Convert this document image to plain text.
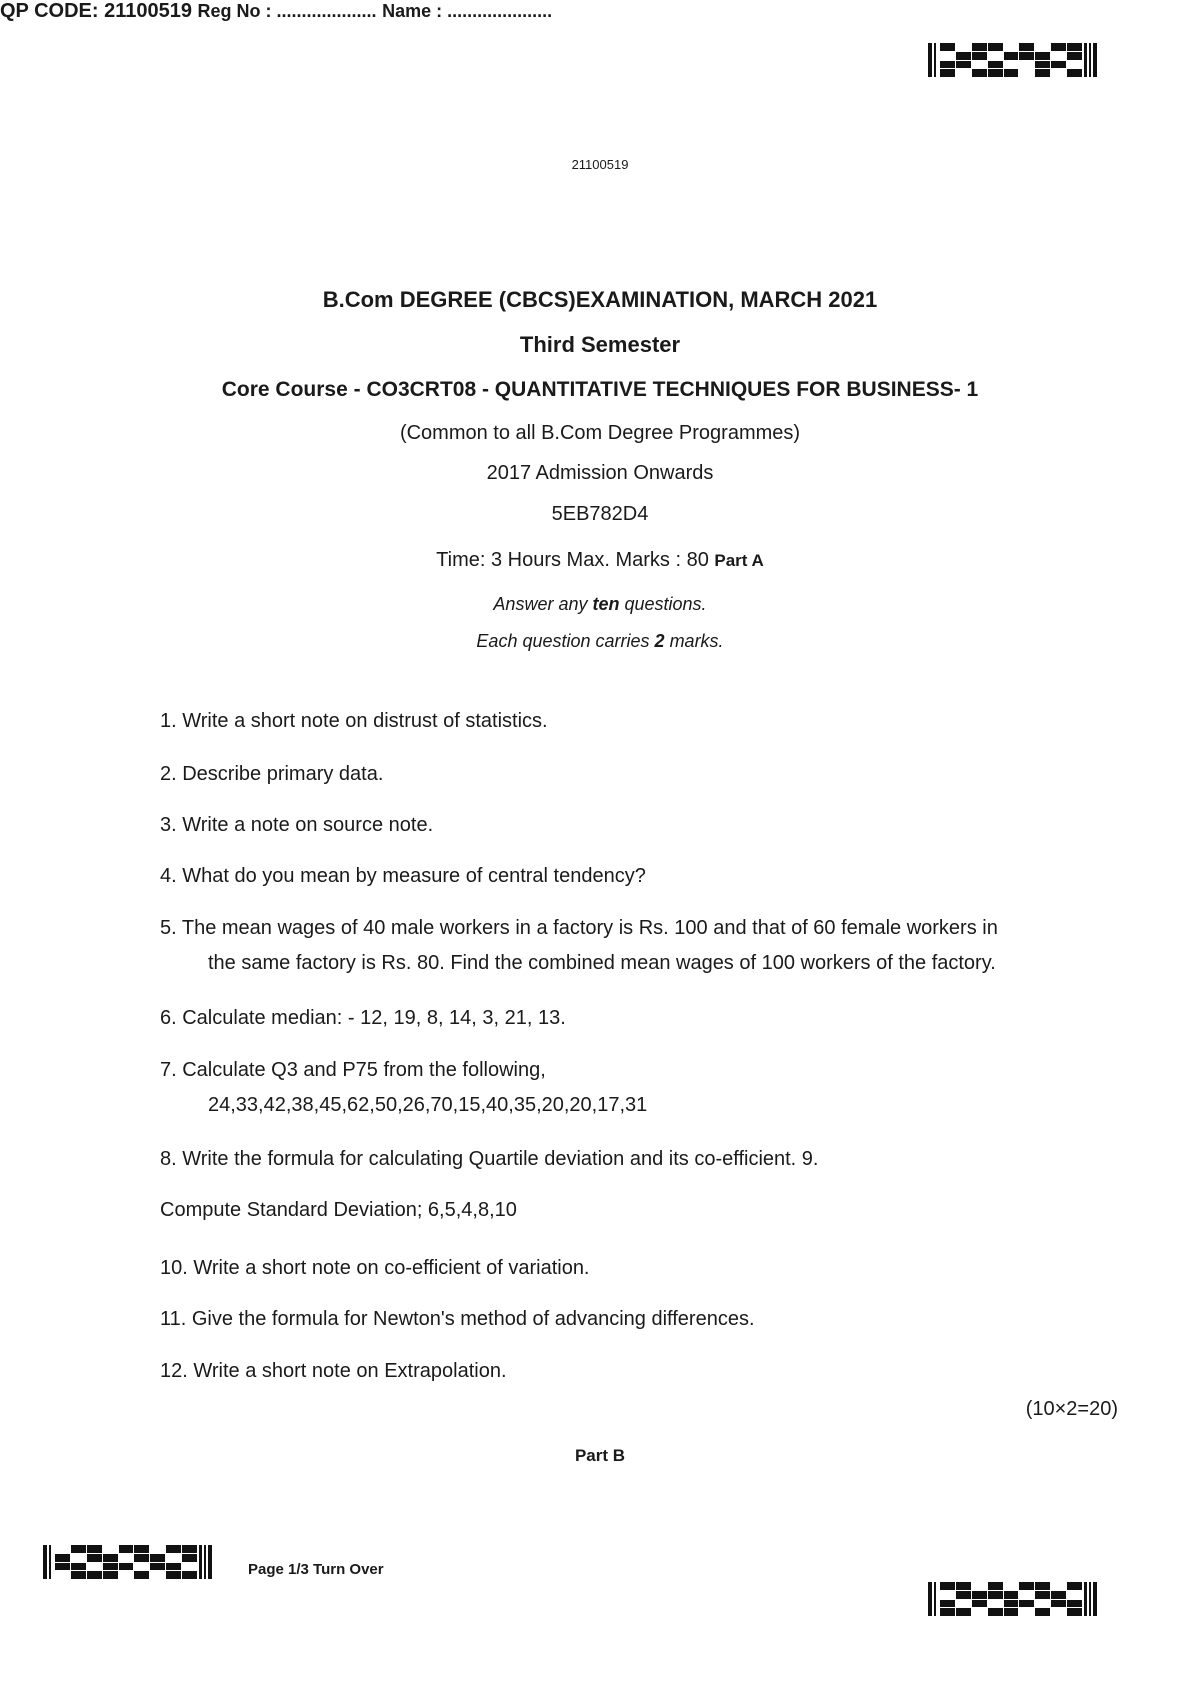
21100519
QP CODE: 21100519 Reg No : .................... Name : .....................
B.Com DEGREE (CBCS)EXAMINATION, MARCH 2021
Third Semester
Core Course - CO3CRT08 - QUANTITATIVE TECHNIQUES FOR BUSINESS- 1
(Common to all B.Com Degree Programmes)
2017 Admission Onwards
5EB782D4
Time: 3 Hours Max. Marks : 80 Part A
Answer any ten questions.
Each question carries 2 marks.
1. Write a short note on distrust of statistics.
2. Describe primary data.
3. Write a note on source note.
4. What do you mean by measure of central tendency?
5. The mean wages of 40 male workers in a factory is Rs. 100 and that of 60 female workers in
the same factory is Rs. 80. Find the combined mean wages of 100 workers of the factory.
6. Calculate median: - 12, 19, 8, 14, 3, 21, 13.
7. Calculate Q3 and P75 from the following,
24,33,42,38,45,62,50,26,70,15,40,35,20,20,17,31
8. Write the formula for calculating Quartile deviation and its co-efficient. 9.
Compute Standard Deviation; 6,5,4,8,10
10. Write a short note on co-efficient of variation.
11. Give the formula for Newton's method of advancing differences.
12. Write a short note on Extrapolation.
(10×2=20)
Part B
Page 1/3 Turn Over
